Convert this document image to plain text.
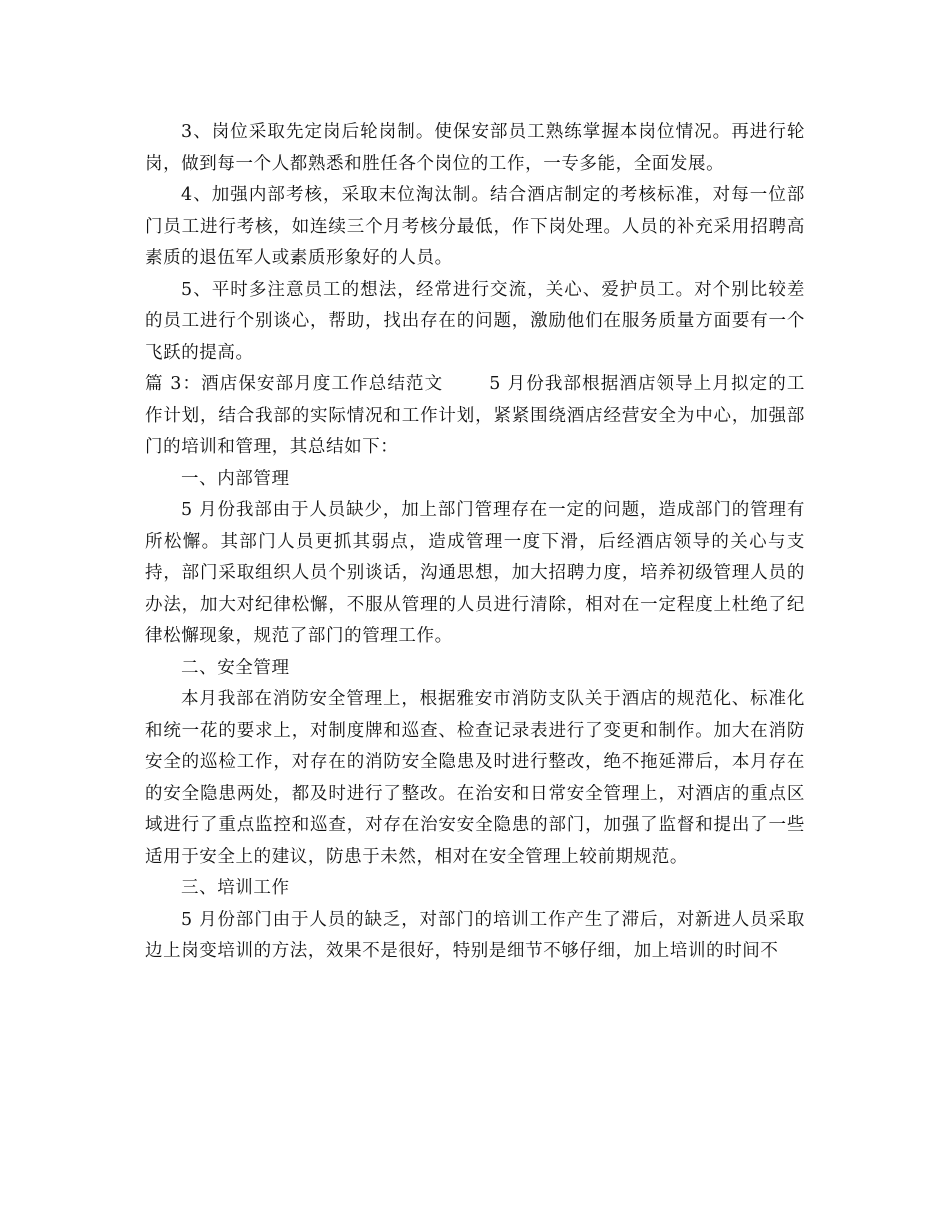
3、岗位采取先定岗后轮岗制。使保安部员工熟练掌握本岗位情况。再进行轮岗，做到每一个人都熟悉和胜任各个岗位的工作，一专多能，全面发展。

4、加强内部考核，采取末位淘汰制。结合酒店制定的考核标准，对每一位部门员工进行考核，如连续三个月考核分最低，作下岗处理。人员的补充采用招聘高素质的退伍军人或素质形象好的人员。

5、平时多注意员工的想法，经常进行交流，关心、爱护员工。对个别比较差的员工进行个别谈心，帮助，找出存在的问题，激励他们在服务质量方面要有一个飞跃的提高。

篇 3：酒店保安部月度工作总结范文	5 月份我部根据酒店领导上月拟定的工作计划，结合我部的实际情况和工作计划，紧紧围绕酒店经营安全为中心，加强部门的培训和管理，其总结如下：

一、内部管理

5 月份我部由于人员缺少，加上部门管理存在一定的问题，造成部门的管理有所松懈。其部门人员更抓其弱点，造成管理一度下滑，后经酒店领导的关心与支持，部门采取组织人员个别谈话，沟通思想，加大招聘力度，培养初级管理人员的办法，加大对纪律松懈，不服从管理的人员进行清除，相对在一定程度上杜绝了纪律松懈现象，规范了部门的管理工作。

二、安全管理

本月我部在消防安全管理上，根据雅安市消防支队关于酒店的规范化、标准化和统一花的要求上，对制度牌和巡查、检查记录表进行了变更和制作。加大在消防安全的巡检工作，对存在的消防安全隐患及时进行整改，绝不拖延滞后，本月存在的安全隐患两处，都及时进行了整改。在治安和日常安全管理上，对酒店的重点区域进行了重点监控和巡查，对存在治安安全隐患的部门，加强了监督和提出了一些适用于安全上的建议，防患于未然，相对在安全管理上较前期规范。

三、培训工作

5 月份部门由于人员的缺乏，对部门的培训工作产生了滞后，对新进人员采取边上岗变培训的方法，效果不是很好，特别是细节不够仔细，加上培训的时间不
